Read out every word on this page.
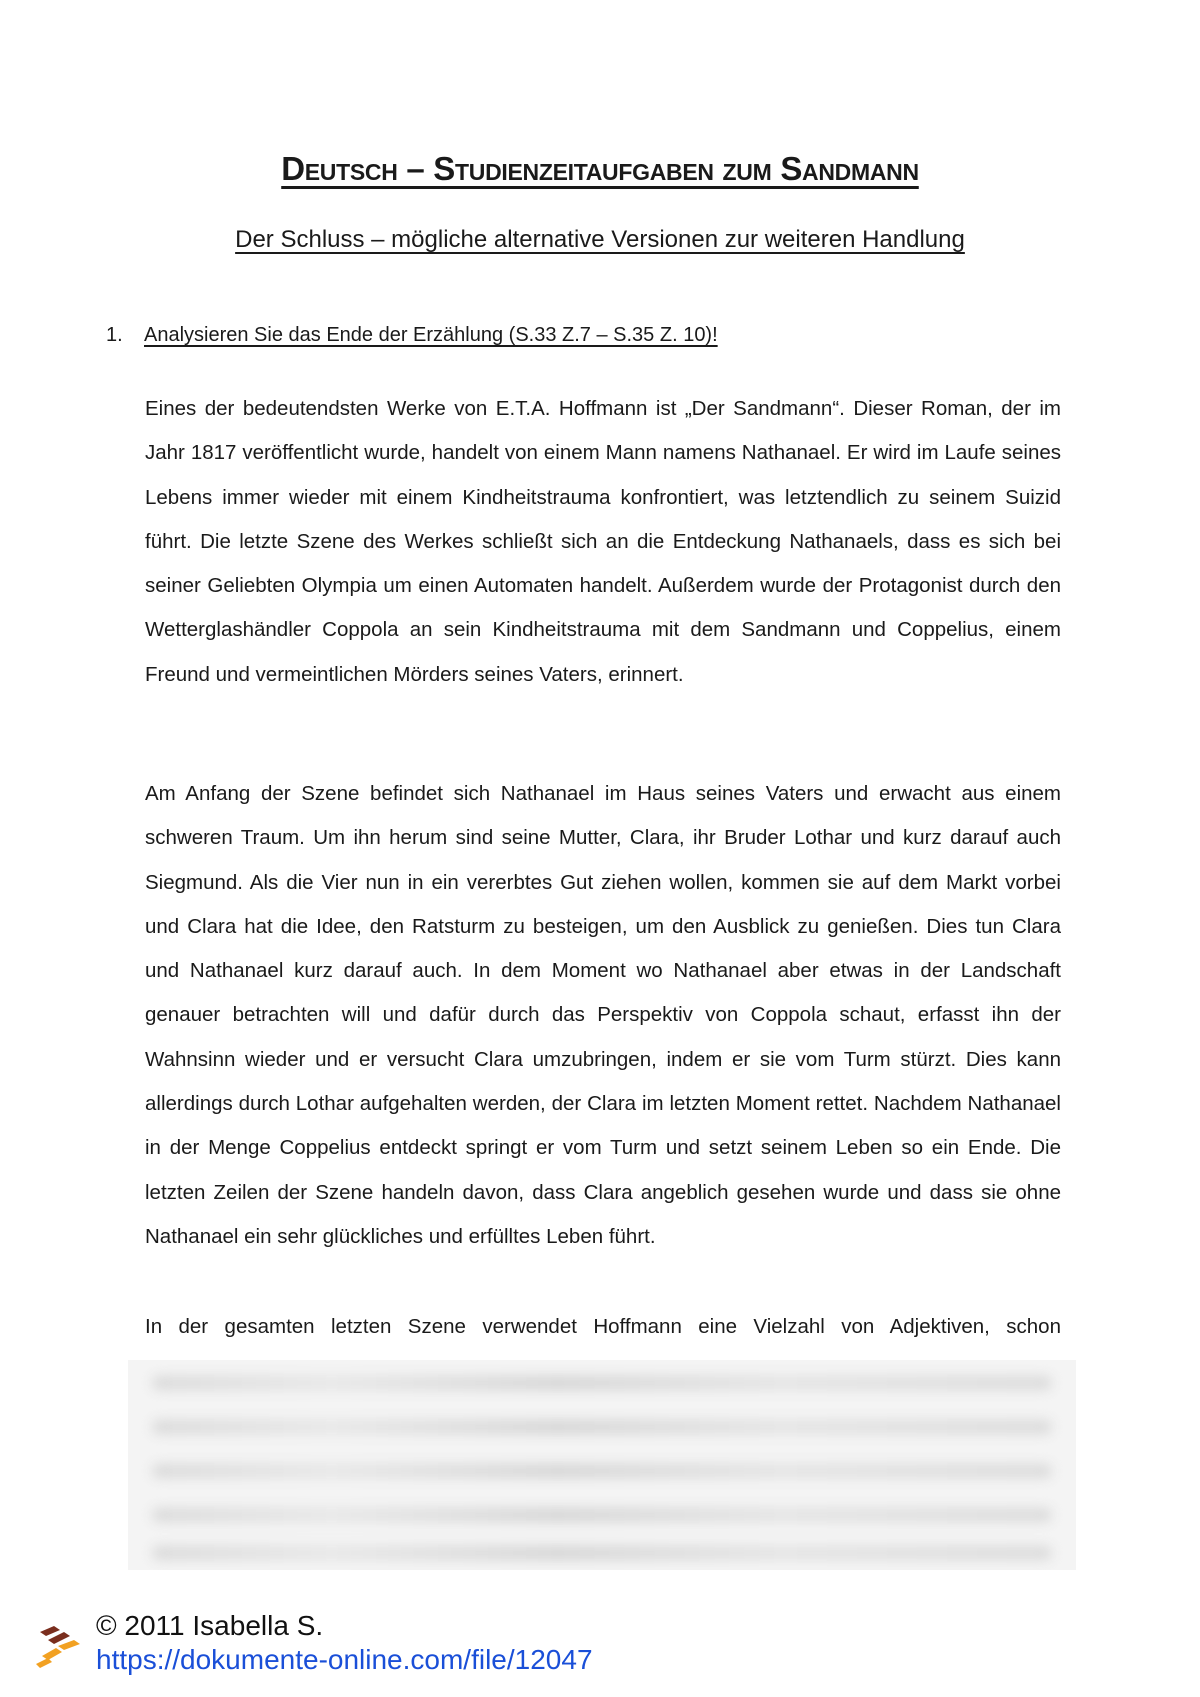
Deutsch – Studienzeitaufgaben zum Sandmann
Der Schluss – mögliche alternative Versionen zur weiteren Handlung
1. Analysieren Sie das Ende der Erzählung (S.33 Z.7 – S.35 Z. 10)!

Eines der bedeutendsten Werke von E.T.A. Hoffmann ist „Der Sandmann“. Dieser Roman, der im Jahr 1817 veröffentlicht wurde, handelt von einem Mann namens Nathanael. Er wird im Laufe seines Lebens immer wieder mit einem Kindheitstrauma konfrontiert, was letztendlich zu seinem Suizid führt. Die letzte Szene des Werkes schließt sich an die Entdeckung Nathanaels, dass es sich bei seiner Geliebten Olympia um einen Automaten handelt. Außerdem wurde der Protagonist durch den Wetterglashändler Coppola an sein Kindheitstrauma mit dem Sandmann und Coppelius, einem Freund und vermeintlichen Mörders seines Vaters, erinnert.

Am Anfang der Szene befindet sich Nathanael im Haus seines Vaters und erwacht aus einem schweren Traum. Um ihn herum sind seine Mutter, Clara, ihr Bruder Lothar und kurz darauf auch Siegmund. Als die Vier nun in ein vererbtes Gut ziehen wollen, kommen sie auf dem Markt vorbei und Clara hat die Idee, den Ratsturm zu besteigen, um den Ausblick zu genießen. Dies tun Clara und Nathanael kurz darauf auch. In dem Moment wo Nathanael aber etwas in der Landschaft genauer betrachten will und dafür durch das Perspektiv von Coppola schaut, erfasst ihn der Wahnsinn wieder und er versucht Clara umzubringen, indem er sie vom Turm stürzt. Dies kann allerdings durch Lothar aufgehalten werden, der Clara im letzten Moment rettet. Nachdem Nathanael in der Menge Coppelius entdeckt springt er vom Turm und setzt seinem Leben so ein Ende. Die letzten Zeilen der Szene handeln davon, dass Clara angeblich gesehen wurde und dass sie ohne Nathanael ein sehr glückliches und erfülltes Leben führt.

In der gesamten letzten Szene verwendet Hoffmann eine Vielzahl von Adjektiven, schon

© 2011 Isabella S.
https://dokumente-online.com/file/12047
